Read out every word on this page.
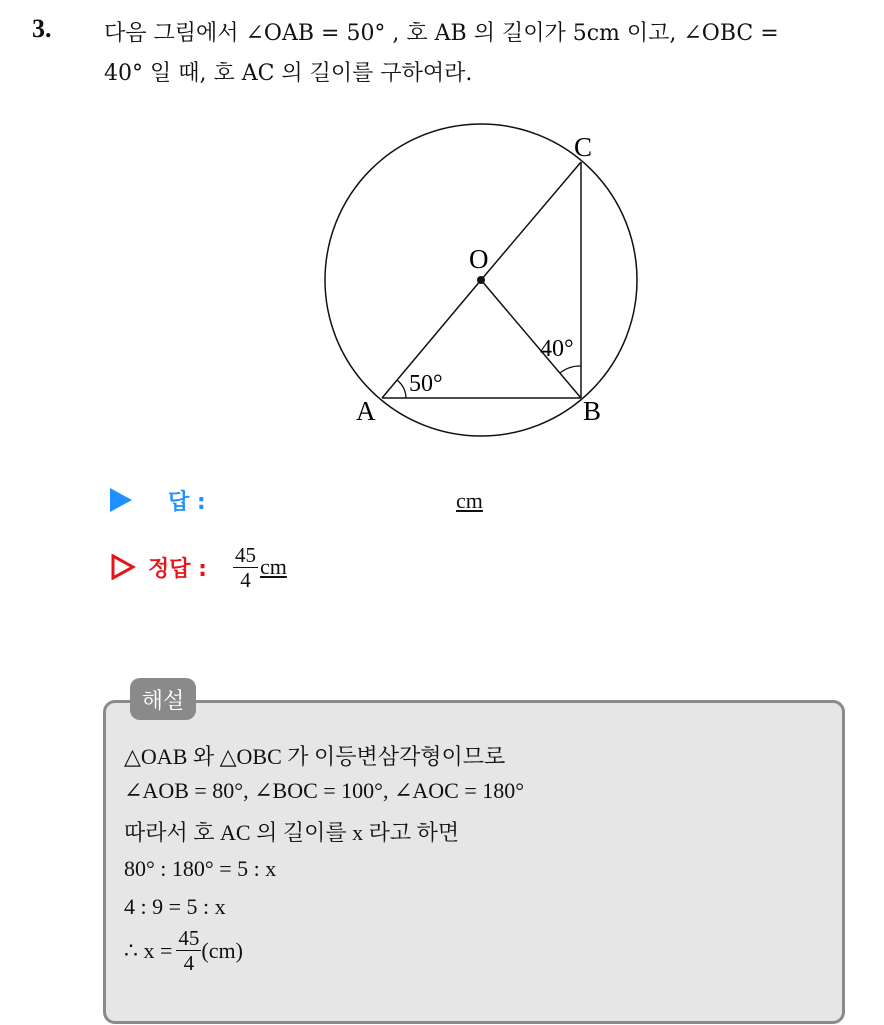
3. 다음 그림에서 ∠OAB = 50° , 호 AB 의 길이가 5cm 이고, ∠OBC =
40° 일 때, 호 AC 의 길이를 구하여라.
A	B
C
O
50°
40°
답 :	cm
정답 : $\frac{45}{4}$ cm
해설
△OAB 와 △OBC 가 이등변삼각형이므로
∠AOB = 80°, ∠BOC = 100°, ∠AOC = 180°
따라서 호 AC 의 길이를 x 라고 하면
80° : 180° = 5 : x
4 : 9 = 5 : x
∴ $x = \frac{45}{4} (cm)$
